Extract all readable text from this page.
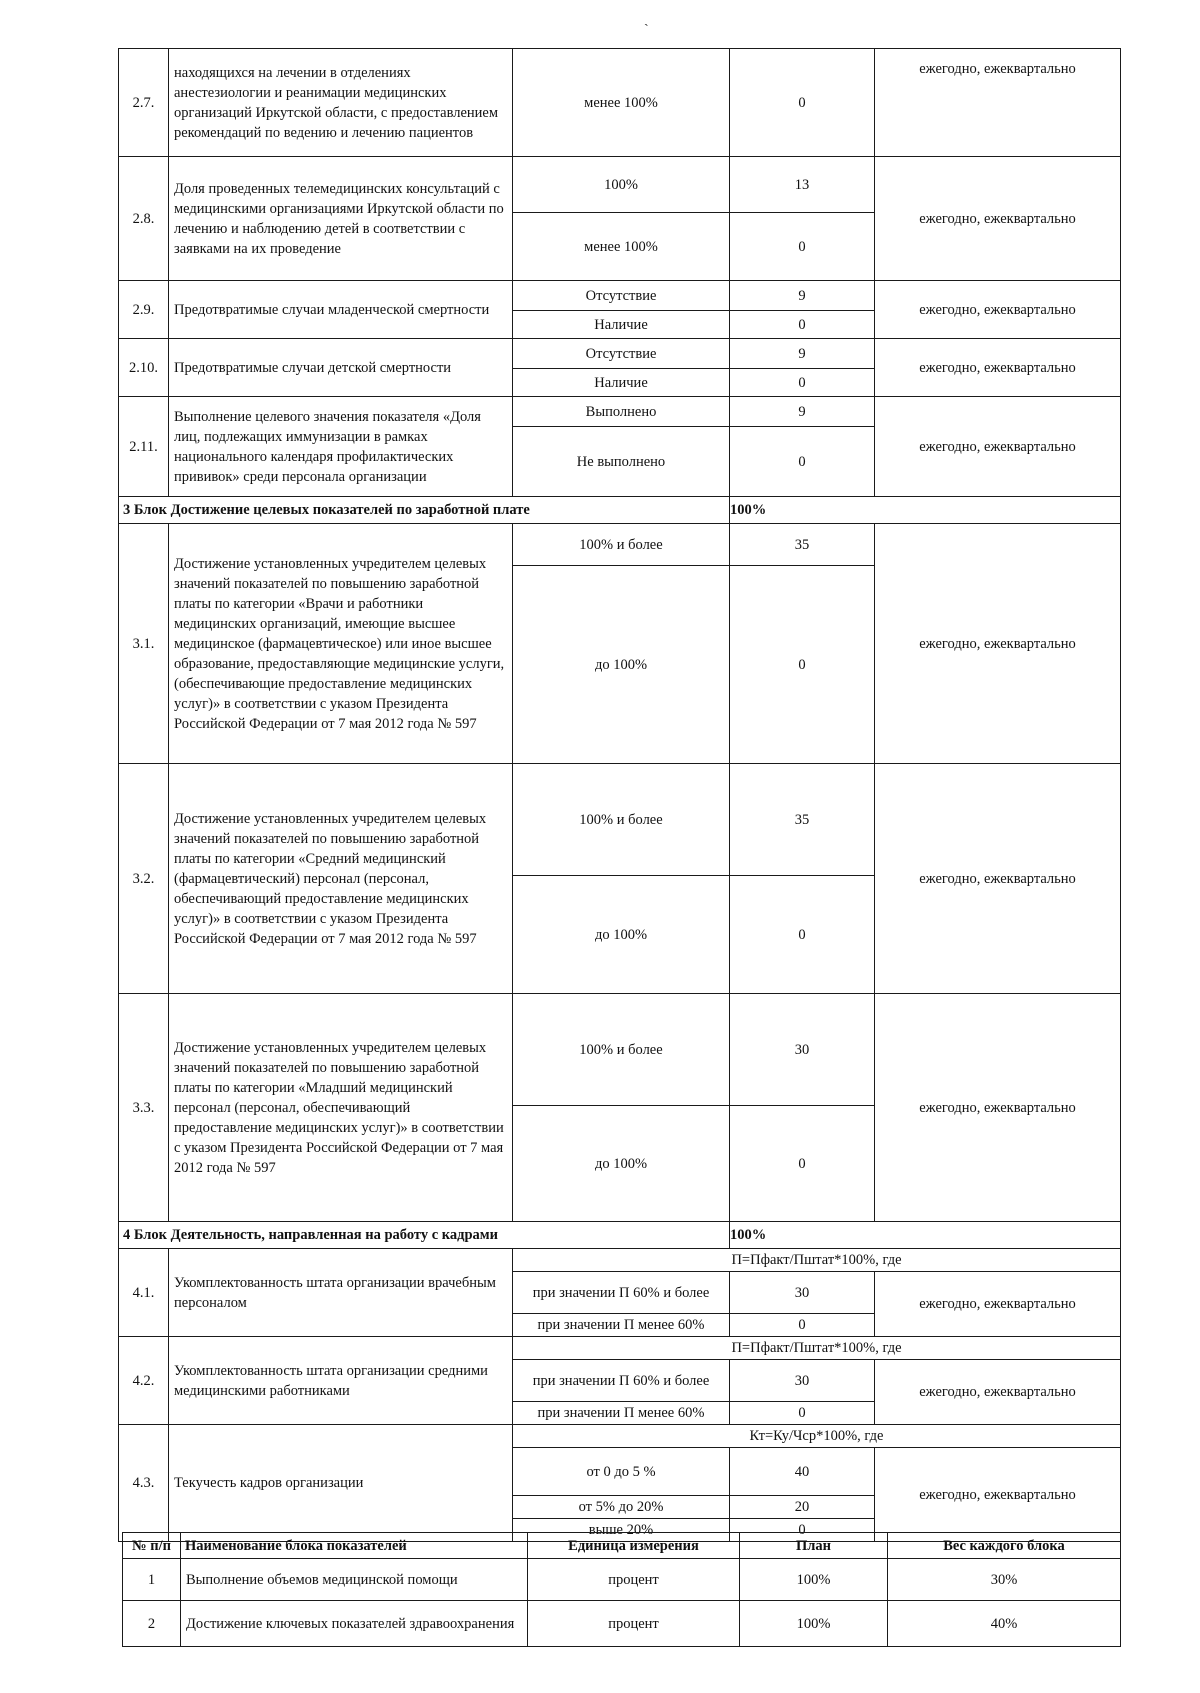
ˏ
2.7.	находящихся на лечении в отделениях анестезиологии и реанимации медицинских организаций Иркутской области, с предоставлением рекомендаций по ведению и лечению пациентов	менее 100%	0	ежегодно, ежеквартально
2.8.	Доля проведенных телемедицинских консультаций с медицинскими организациями Иркутской области по лечению и наблюдению детей в соответствии с заявками на их проведение	100%	13	ежегодно, ежеквартально
		менее 100%	0	
2.9.	Предотвратимые случаи младенческой смертности	Отсутствие	9	ежегодно, ежеквартально
		Наличие	0	
2.10.	Предотвратимые случаи детской смертности	Отсутствие	9	ежегодно, ежеквартально
		Наличие	0	
2.11.	Выполнение целевого значения показателя «Доля лиц, подлежащих иммунизации в рамках национального календаря профилактических прививок» среди персонала организации	Выполнено	9	ежегодно, ежеквартально
		Не выполнено	0	
3 Блок Достижение целевых показателей по заработной плате			100%	
3.1.	Достижение установленных учредителем целевых значений показателей по повышению заработной платы по категории «Врачи и работники медицинских организаций, имеющие высшее медицинское (фармацевтическое) или иное высшее образование, предоставляющие медицинские услуги, (обеспечивающие предоставление медицинских услуг)» в соответствии с указом Президента Российской Федерации от 7 мая 2012 года № 597	100% и более	35	ежегодно, ежеквартально
		до 100%	0	
3.2.	Достижение установленных учредителем целевых значений показателей по повышению заработной платы по категории «Средний медицинский (фармацевтический) персонал (персонал, обеспечивающий предоставление медицинских услуг)» в соответствии с указом Президента Российской Федерации от 7 мая 2012 года № 597	100% и более	35	ежегодно, ежеквартально
		до 100%	0	
3.3.	Достижение установленных учредителем целевых значений показателей по повышению заработной платы по категории «Младший медицинский персонал (персонал, обеспечивающий предоставление медицинских услуг)» в соответствии с указом Президента Российской Федерации от 7 мая 2012 года № 597	100% и более	30	ежегодно, ежеквартально
		до 100%	0	
4 Блок Деятельность, направленная на работу с кадрами			100%	
4.1.	Укомплектованность штата организации врачебным персоналом	П=Пфакт/Пштат*100%, где		
		при значении П 60% и более	30	ежегодно, ежеквартально
		при значении П менее 60%	0	
4.2.	Укомплектованность штата организации средними медицинскими работниками	П=Пфакт/Пштат*100%, где		
		при значении П 60% и более	30	ежегодно, ежеквартально
		при значении П менее 60%	0	
4.3.	Текучесть кадров организации	Кт=Ку/Чср*100%, где		
		от 0 до 5 %	40	ежегодно, ежеквартально
		от 5% до 20%	20	
		выше 20%	0	
№ п/п	Наименование блока показателей	Единица измерения	План	Вес каждого блока
1	Выполнение объемов медицинской помощи	процент	100%	30%
2	Достижение ключевых показателей здравоохранения	процент	100%	40%
